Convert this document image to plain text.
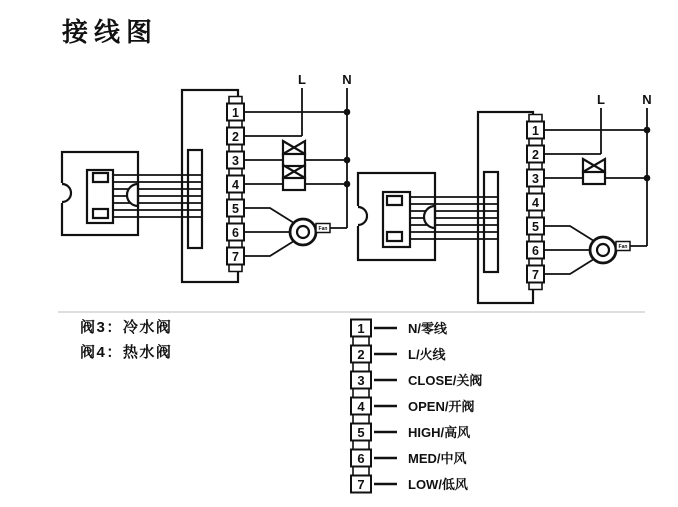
接线图
阀3：冷水阀
阀4：热水阀
Fan
1
2
3
4
5
6
7
L	N
Fan
1
2
3
4
5
6
7
L	N
1
2
3
4
5
6
7
N/零线
L/火线
CLOSE/关阀
OPEN/开阀
HIGH/高风
MED/中风
LOW/低风
